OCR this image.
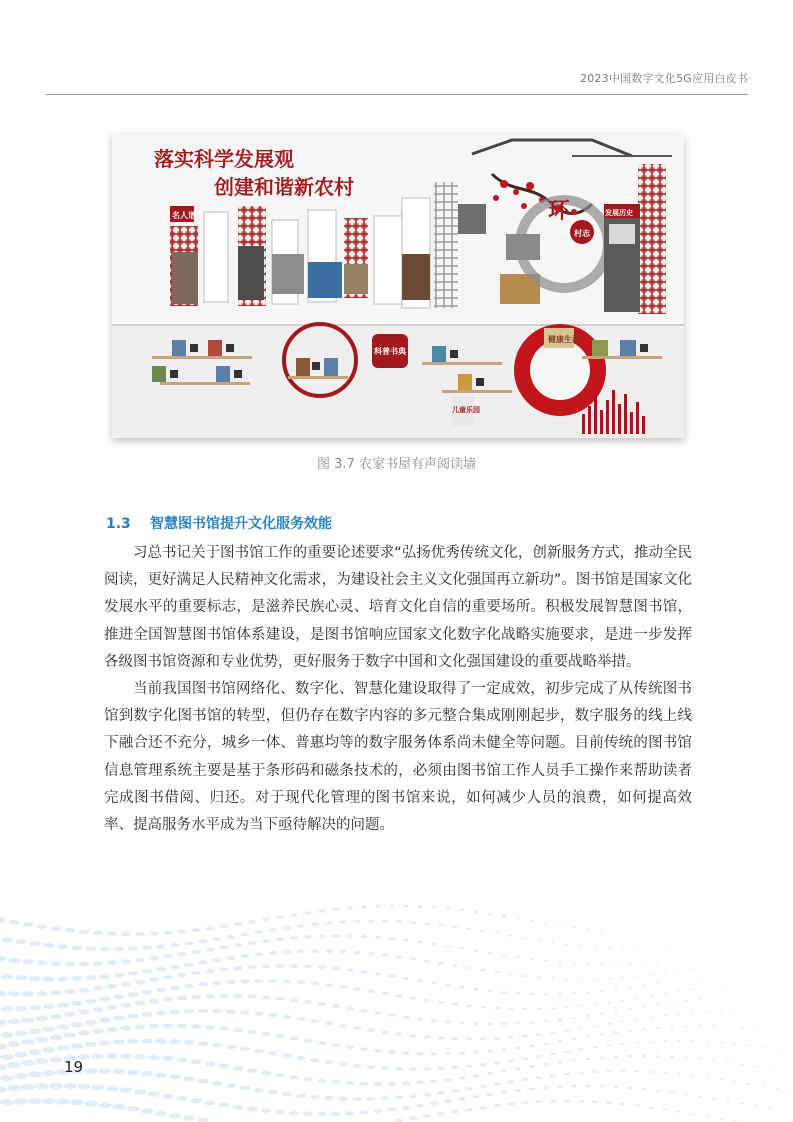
2023中国数字文化5G应用白皮书
落实科学发展观
创建和谐新农村
名人谱	环
村志
发展历史
科普书典
健康生活
儿童乐园
图 3.7 农家书屋有声阅读墙
1.3 智慧图书馆提升文化服务效能

习总书记关于图书馆工作的重要论述要求“弘扬优秀传统文化，创新服务方式，推动全民阅读，更好满足人民精神文化需求，为建设社会主义文化强国再立新功”。图书馆是国家文化发展水平的重要标志，是滋养民族心灵、培育文化自信的重要场所。积极发展智慧图书馆，推进全国智慧图书馆体系建设，是图书馆响应国家文化数字化战略实施要求，是进一步发挥各级图书馆资源和专业优势，更好服务于数字中国和文化强国建设的重要战略举措。

当前我国图书馆网络化、数字化、智慧化建设取得了一定成效，初步完成了从传统图书馆到数字化图书馆的转型，但仍存在数字内容的多元整合集成刚刚起步，数字服务的线上线下融合还不充分，城乡一体、普惠均等的数字服务体系尚未健全等问题。目前传统的图书馆信息管理系统主要是基于条形码和磁条技术的，必须由图书馆工作人员手工操作来帮助读者完成图书借阅、归还。对于现代化管理的图书馆来说，如何减少人员的浪费，如何提高效率、提高服务水平成为当下亟待解决的问题。

19
